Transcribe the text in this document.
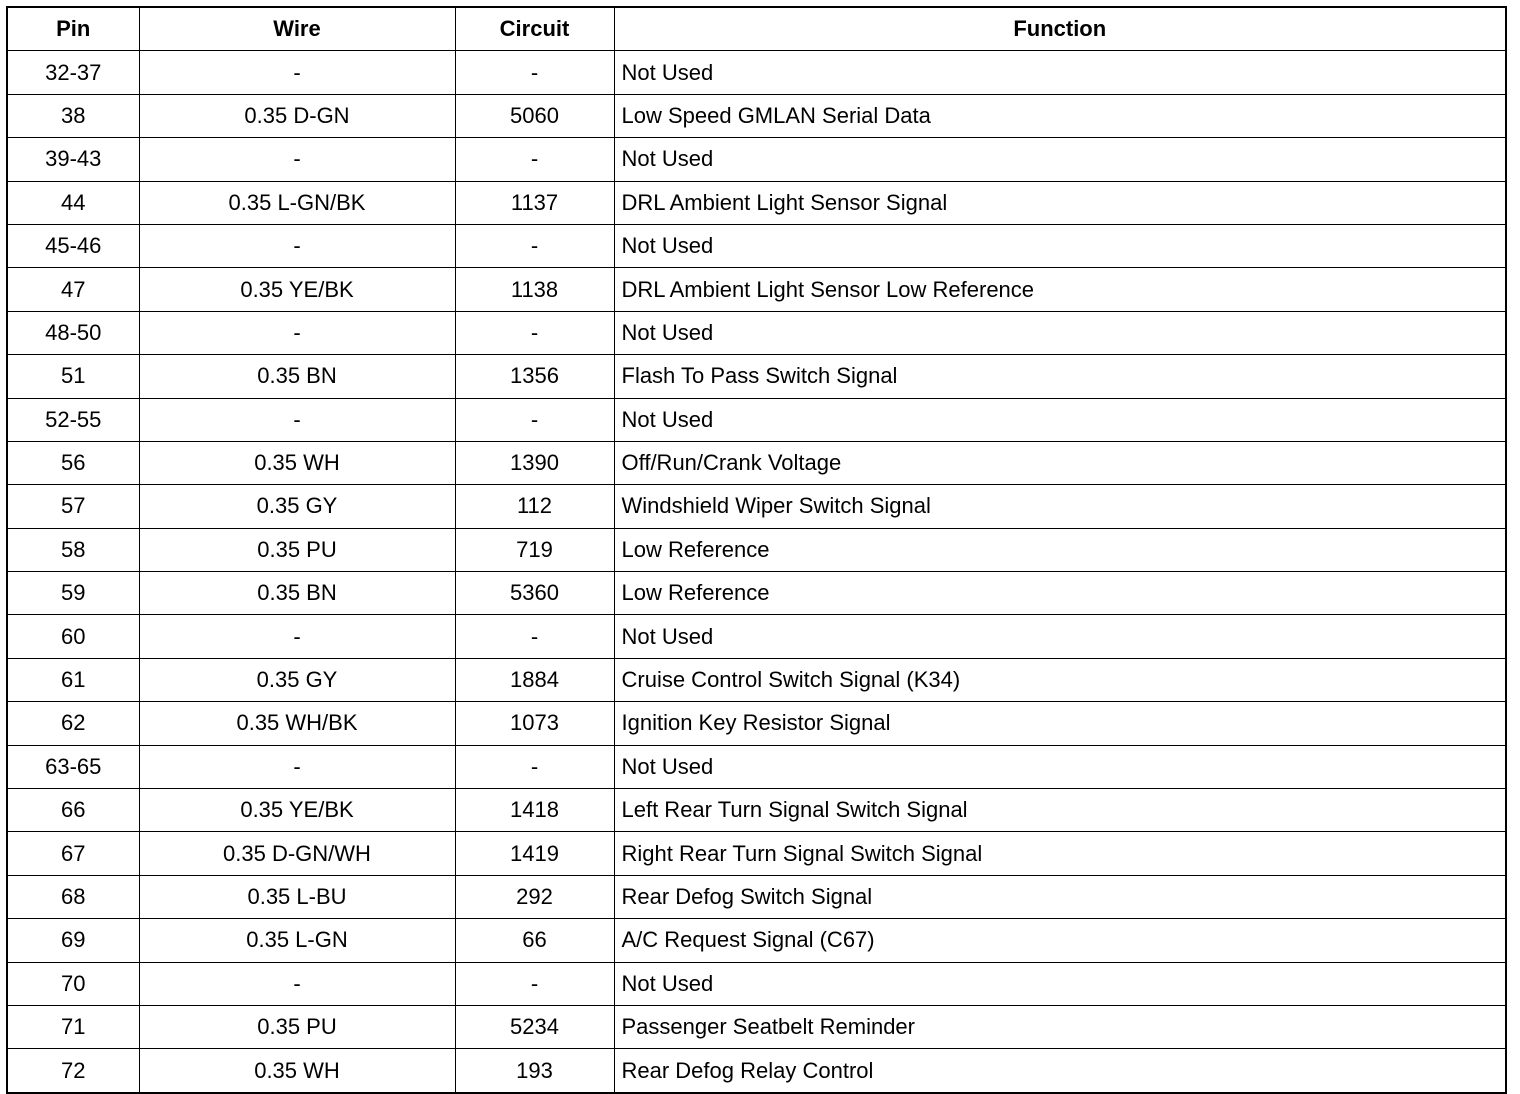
Pin	Wire	Circuit	Function
32-37	-	-	Not Used
38	0.35 D-GN	5060	Low Speed GMLAN Serial Data
39-43	-	-	Not Used
44	0.35 L-GN/BK	1137	DRL Ambient Light Sensor Signal
45-46	-	-	Not Used
47	0.35 YE/BK	1138	DRL Ambient Light Sensor Low Reference
48-50	-	-	Not Used
51	0.35 BN	1356	Flash To Pass Switch Signal
52-55	-	-	Not Used
56	0.35 WH	1390	Off/Run/Crank Voltage
57	0.35 GY	112	Windshield Wiper Switch Signal
58	0.35 PU	719	Low Reference
59	0.35 BN	5360	Low Reference
60	-	-	Not Used
61	0.35 GY	1884	Cruise Control Switch Signal (K34)
62	0.35 WH/BK	1073	Ignition Key Resistor Signal
63-65	-	-	Not Used
66	0.35 YE/BK	1418	Left Rear Turn Signal Switch Signal
67	0.35 D-GN/WH	1419	Right Rear Turn Signal Switch Signal
68	0.35 L-BU	292	Rear Defog Switch Signal
69	0.35 L-GN	66	A/C Request Signal (C67)
70	-	-	Not Used
71	0.35 PU	5234	Passenger Seatbelt Reminder
72	0.35 WH	193	Rear Defog Relay Control
